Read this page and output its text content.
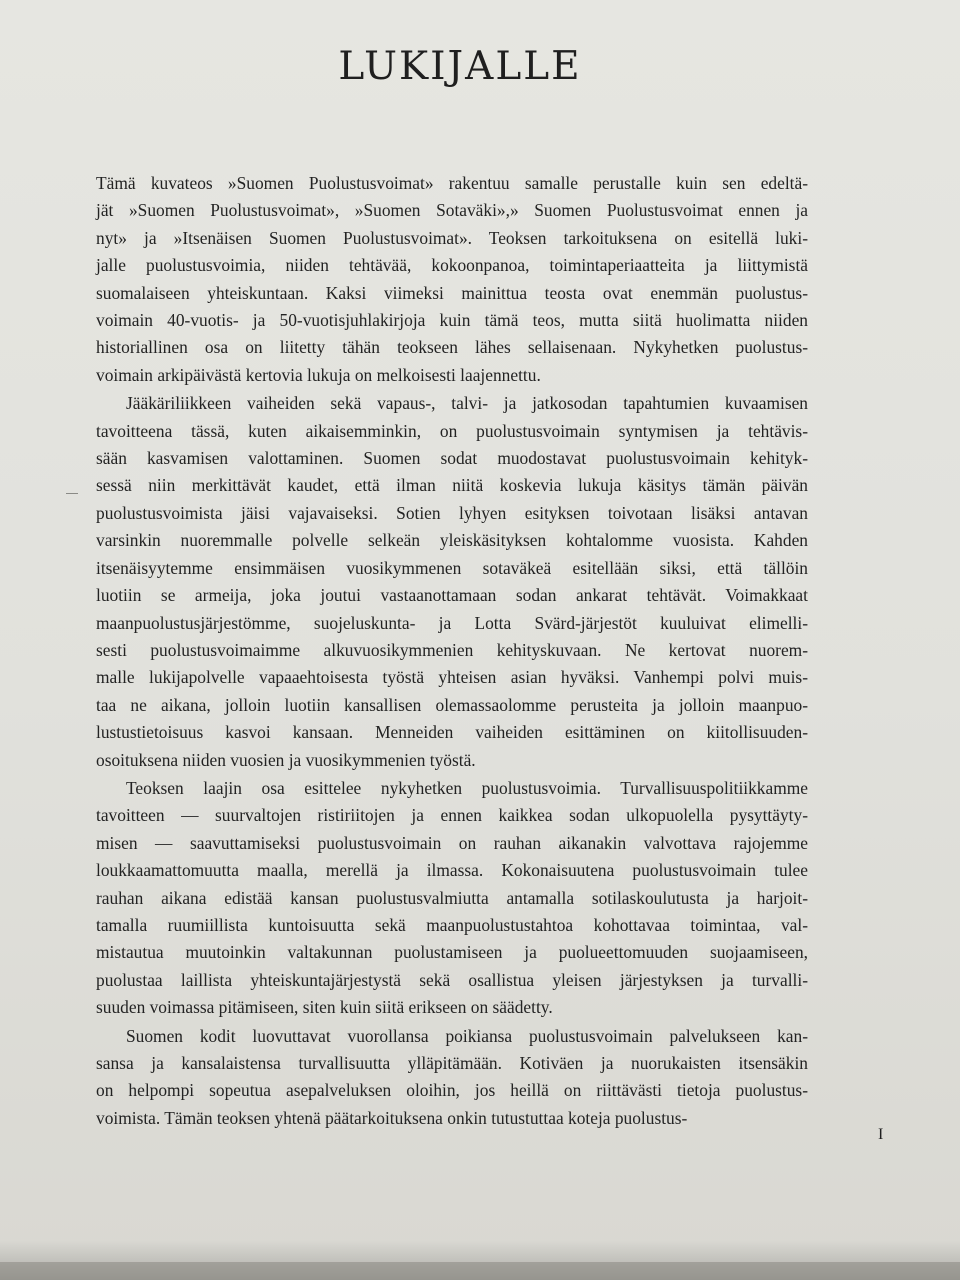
LUKIJALLE

Tämä kuvateos »Suomen Puolustusvoimat» rakentuu samalle perustalle kuin sen edeltä-
jät »Suomen Puolustusvoimat», »Suomen Sotaväki»,» Suomen Puolustusvoimat ennen ja
nyt» ja »Itsenäisen Suomen Puolustusvoimat». Teoksen tarkoituksena on esitellä luki-
jalle puolustusvoimia, niiden tehtävää, kokoonpanoa, toimintaperiaatteita ja liittymistä
suomalaiseen yhteiskuntaan. Kaksi viimeksi mainittua teosta ovat enemmän puolustus-
voimain 40-vuotis- ja 50-vuotisjuhlakirjoja kuin tämä teos, mutta siitä huolimatta niiden
historiallinen osa on liitetty tähän teokseen lähes sellaisenaan. Nykyhetken puolustus-
voimain arkipäivästä kertovia lukuja on melkoisesti laajennettu.

Jääkäriliikkeen vaiheiden sekä vapaus-, talvi- ja jatkosodan tapahtumien kuvaamisen
tavoitteena tässä, kuten aikaisemminkin, on puolustusvoimain syntymisen ja tehtävis-
sään kasvamisen valottaminen. Suomen sodat muodostavat puolustusvoimain kehityk-
sessä niin merkittävät kaudet, että ilman niitä koskevia lukuja käsitys tämän päivän
puolustusvoimista jäisi vajavaiseksi. Sotien lyhyen esityksen toivotaan lisäksi antavan
varsinkin nuoremmalle polvelle selkeän yleiskäsityksen kohtalomme vuosista. Kahden
itsenäisyytemme ensimmäisen vuosikymmenen sotaväkeä esitellään siksi, että tällöin
luotiin se armeija, joka joutui vastaanottamaan sodan ankarat tehtävät. Voimakkaat
maanpuolustusjärjestömme, suojeluskunta- ja Lotta Svärd-järjestöt kuuluivat elimelli-
sesti puolustusvoimaimme alkuvuosikymmenien kehityskuvaan. Ne kertovat nuorem-
malle lukijapolvelle vapaaehtoisesta työstä yhteisen asian hyväksi. Vanhempi polvi muis-
taa ne aikana, jolloin luotiin kansallisen olemassaolomme perusteita ja jolloin maanpuo-
lustustietoisuus kasvoi kansaan. Menneiden vaiheiden esittäminen on kiitollisuuden-
osoituksena niiden vuosien ja vuosikymmenien työstä.

Teoksen laajin osa esittelee nykyhetken puolustusvoimia. Turvallisuuspolitiikkamme
tavoitteen — suurvaltojen ristiriitojen ja ennen kaikkea sodan ulkopuolella pysyttäyty-
misen — saavuttamiseksi puolustusvoimain on rauhan aikanakin valvottava rajojemme
loukkaamattomuutta maalla, merellä ja ilmassa. Kokonaisuutena puolustusvoimain tulee
rauhan aikana edistää kansan puolustusvalmiutta antamalla sotilaskoulutusta ja harjoit-
tamalla ruumiillista kuntoisuutta sekä maanpuolustustahtoa kohottavaa toimintaa, val-
mistautua muutoinkin valtakunnan puolustamiseen ja puolueettomuuden suojaamiseen,
puolustaa laillista yhteiskuntajärjestystä sekä osallistua yleisen järjestyksen ja turvalli-
suuden voimassa pitämiseen, siten kuin siitä erikseen on säädetty.

Suomen kodit luovuttavat vuorollansa poikiansa puolustusvoimain palvelukseen kan-
sansa ja kansalaistensa turvallisuutta ylläpitämään. Kotiväen ja nuorukaisten itsensäkin
on helpompi sopeutua asepalveluksen oloihin, jos heillä on riittävästi tietoja puolustus-
voimista. Tämän teoksen yhtenä päätarkoituksena onkin tutustuttaa koteja puolustus-

I
